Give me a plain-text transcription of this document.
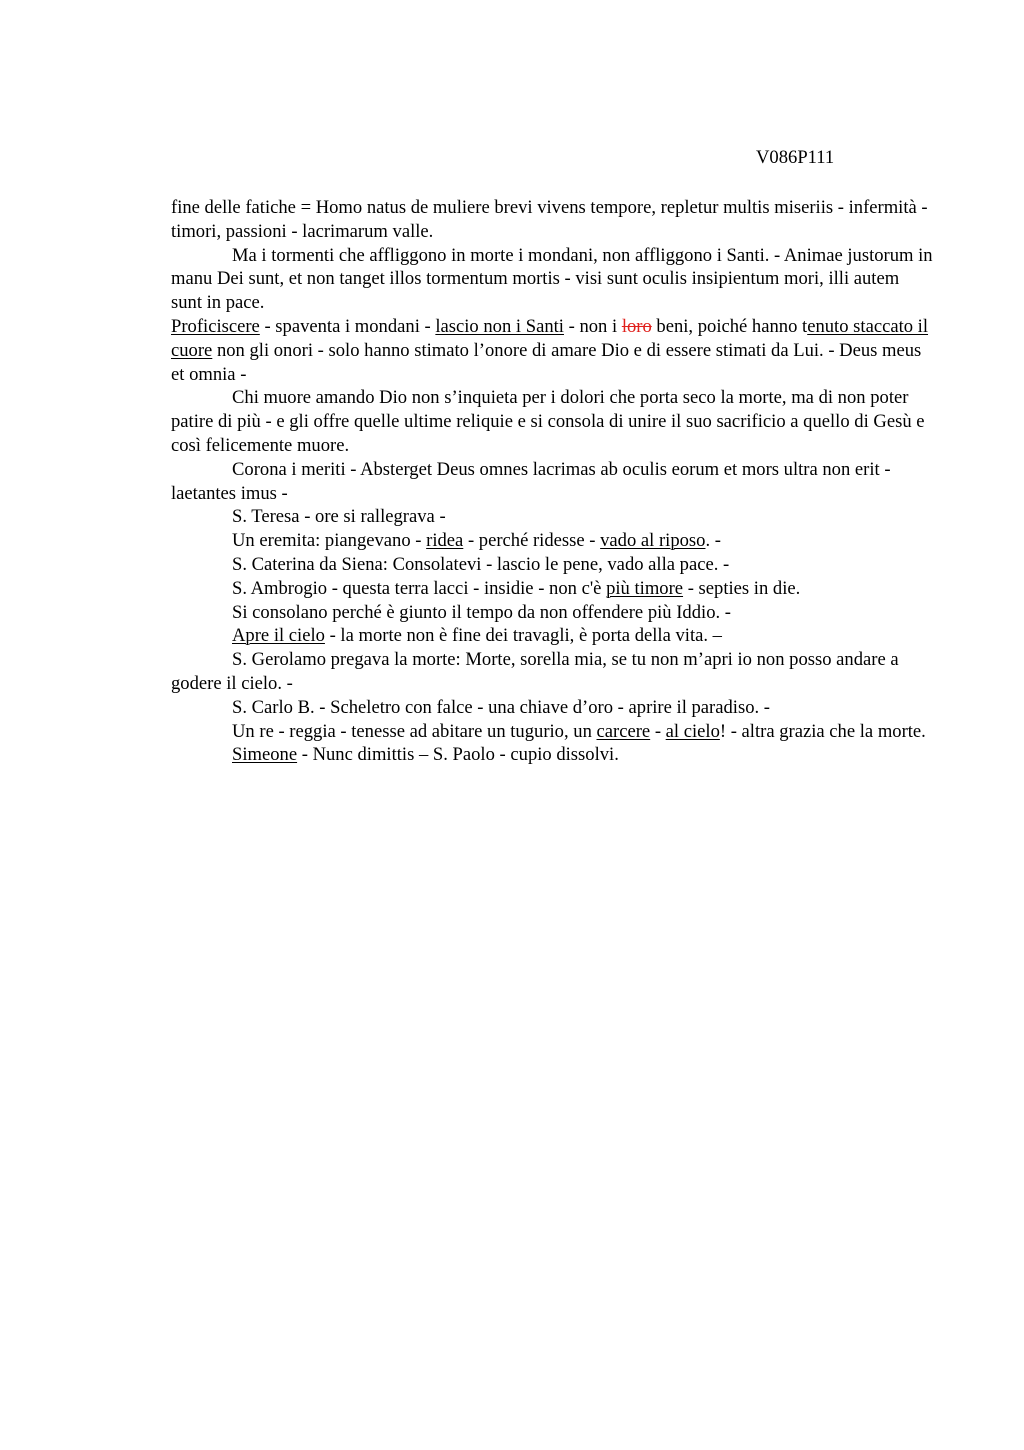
V086P111

fine delle fatiche = Homo natus de muliere brevi vivens tempore, repletur multis miseriis - infermità - timori, passioni - lacrimarum valle.

Ma i tormenti che affliggono in morte i mondani, non affliggono i Santi. - Animae justorum in manu Dei sunt, et non tanget illos tormentum mortis - visi sunt oculis insipientum mori, illi autem sunt in pace.

Proficiscere - spaventa i mondani - lascio non i Santi - non i loro beni, poiché hanno tenuto staccato il cuore non gli onori - solo hanno stimato l’onore di amare Dio e di essere stimati da Lui. - Deus meus et omnia -

Chi muore amando Dio non s’inquieta per i dolori che porta seco la morte, ma di non poter patire di più - e gli offre quelle ultime reliquie e si consola di unire il suo sacrificio a quello di Gesù e così felicemente muore.

Corona i meriti - Absterget Deus omnes lacrimas ab oculis eorum et mors ultra non erit - laetantes imus -

S. Teresa - ore si rallegrava -

Un eremita: piangevano - ridea - perché ridesse - vado al riposo. -

S. Caterina da Siena: Consolatevi - lascio le pene, vado alla pace. -

S. Ambrogio - questa terra lacci - insidie - non c'è più timore - septies in die.

Si consolano perché è giunto il tempo da non offendere più Iddio. -

Apre il cielo - la morte non è fine dei travagli, è porta della vita. –

S. Gerolamo pregava la morte: Morte, sorella mia, se tu non m’apri io non posso andare a godere il cielo. -

S. Carlo B. - Scheletro con falce - una chiave d’oro - aprire il paradiso. -

Un re - reggia - tenesse ad abitare un tugurio, un carcere - al cielo! - altra grazia che la morte.

Simeone - Nunc dimittis – S. Paolo - cupio dissolvi.
